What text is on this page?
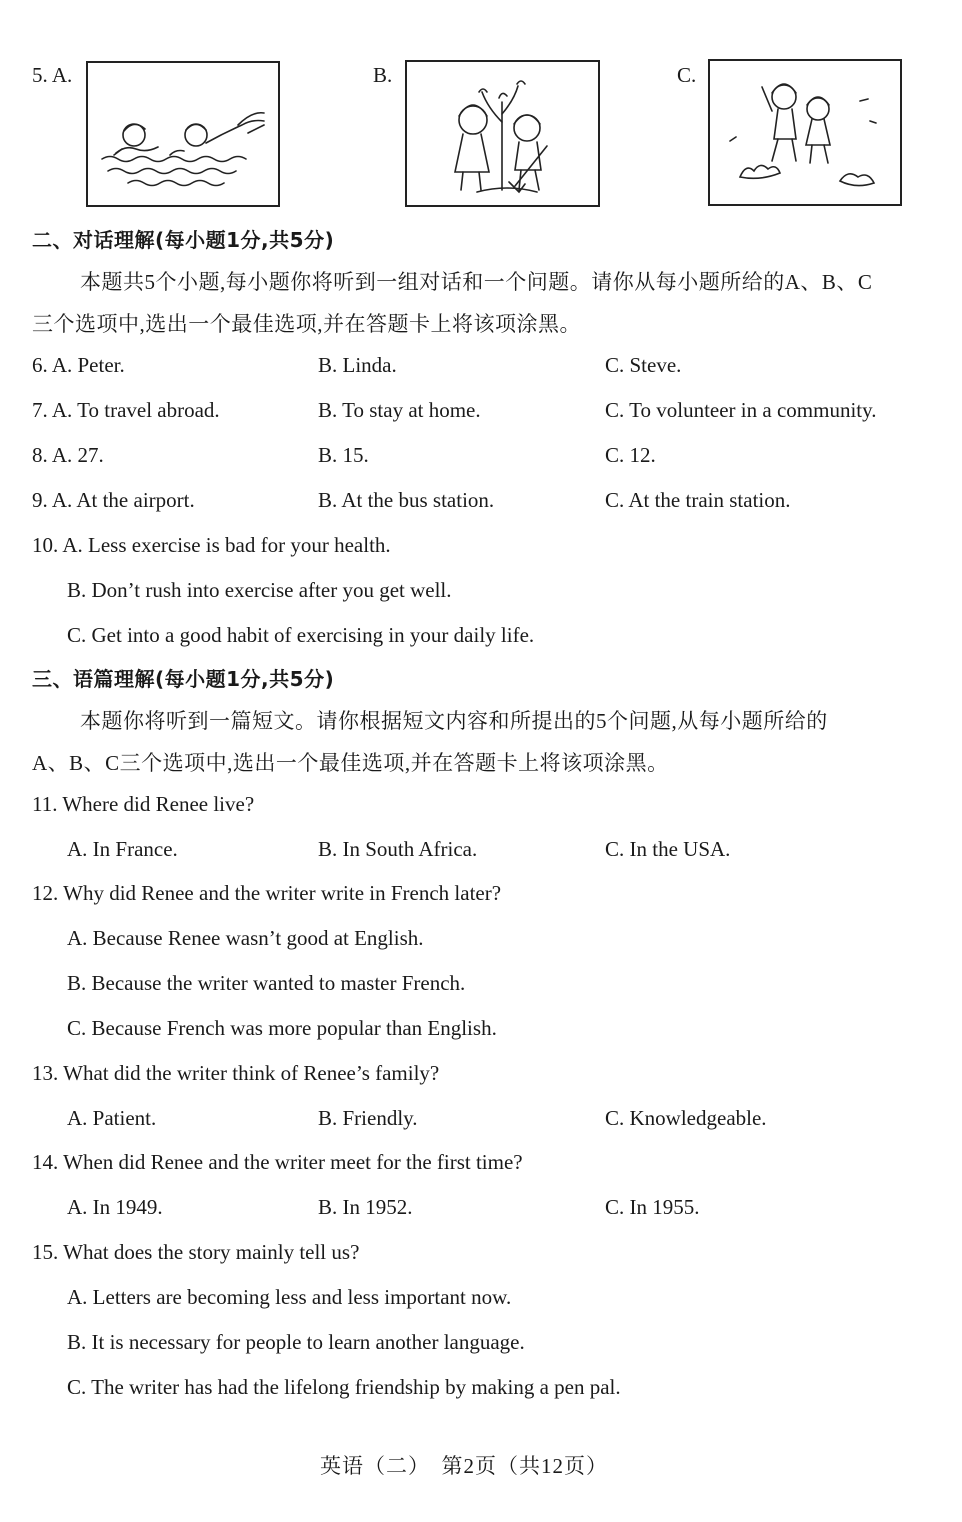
5. A.	B.	C.
二、对话理解(每小题1分,共5分)
本题共5个小题,每小题你将听到一组对话和一个问题。请你从每小题所给的A、B、C
三个选项中,选出一个最佳选项,并在答题卡上将该项涂黑。
6. A. Peter.	B. Linda.	C. Steve.
7. A. To travel abroad.	B. To stay at home.	C. To volunteer in a community.
8. A. 27.	B. 15.	C. 12.
9. A. At the airport.	B. At the bus station.	C. At the train station.
10. A. Less exercise is bad for your health.
B. Don’t rush into exercise after you get well.
C. Get into a good habit of exercising in your daily life.
三、语篇理解(每小题1分,共5分)
本题你将听到一篇短文。请你根据短文内容和所提出的5个问题,从每小题所给的
A、B、C三个选项中,选出一个最佳选项,并在答题卡上将该项涂黑。
11. Where did Renee live?
A. In France.	B. In South Africa.	C. In the USA.
12. Why did Renee and the writer write in French later?
A. Because Renee wasn’t good at English.
B. Because the writer wanted to master French.
C. Because French was more popular than English.
13. What did the writer think of Renee’s family?
A. Patient.	B. Friendly.	C. Knowledgeable.
14. When did Renee and the writer meet for the first time?
A. In 1949.	B. In 1952.	C. In 1955.
15. What does the story mainly tell us?
A. Letters are becoming less and less important now.
B. It is necessary for people to learn another language.
C. The writer has had the lifelong friendship by making a pen pal.
英语（二）　第2页（共12页）
